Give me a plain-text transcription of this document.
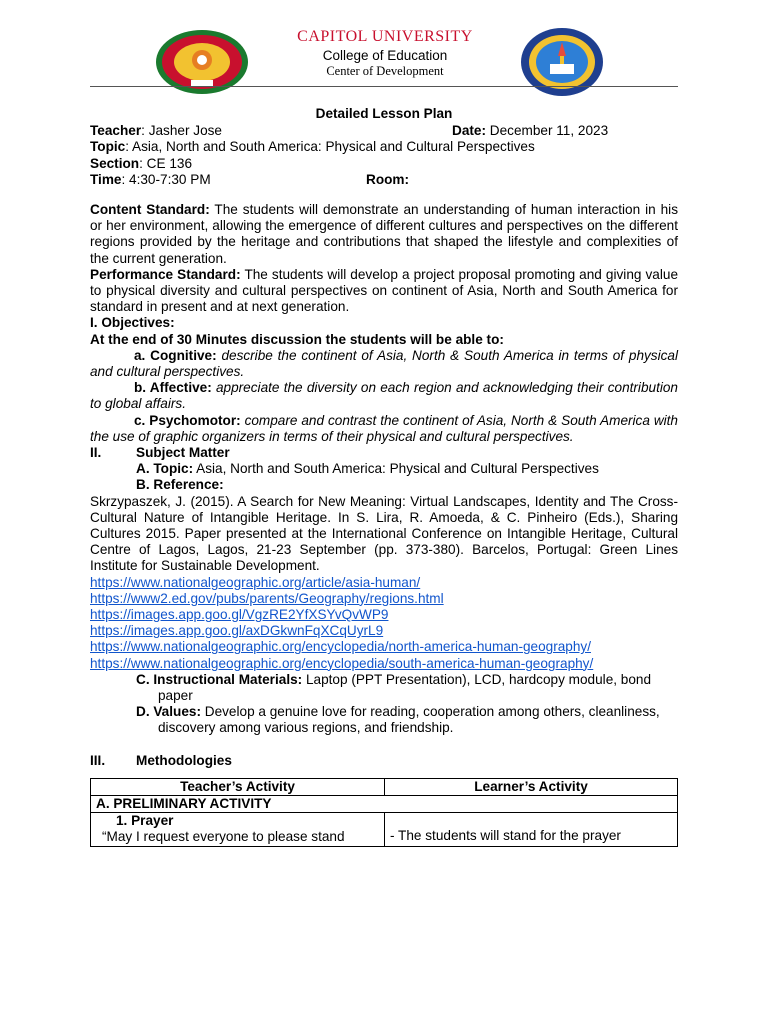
CAPITOL UNIVERSITY
College of Education
Center of Development
Detailed Lesson Plan
Teacher: Jasher Jose	Date: December 11, 2023
Topic: Asia, North and South America: Physical and Cultural Perspectives
Section: CE 136
Time: 4:30-7:30 PM	Room:
Content Standard: The students will demonstrate an understanding of human interaction in his or her environment, allowing the emergence of different cultures and perspectives on the different regions provided by the heritage and contributions that shaped the lifestyle and complexities of the current generation.
Performance Standard: The students will develop a project proposal promoting and giving value to physical diversity and cultural perspectives on continent of Asia, North and South America for standard in present and at next generation.
I. Objectives:
At the end of 30 Minutes discussion the students will be able to:
a. Cognitive: describe the continent of Asia, North & South America in terms of physical and cultural perspectives.
b. Affective: appreciate the diversity on each region and acknowledging their contribution to global affairs.
c. Psychomotor: compare and contrast the continent of Asia, North & South America with the use of graphic organizers in terms of their physical and cultural perspectives.
II.	Subject Matter
A. Topic: Asia, North and South America: Physical and Cultural Perspectives
B. Reference:
Skrzypaszek, J. (2015). A Search for New Meaning: Virtual Landscapes, Identity and The Cross-Cultural Nature of Intangible Heritage. In S. Lira, R. Amoeda, & C. Pinheiro (Eds.), Sharing Cultures 2015. Paper presented at the International Conference on Intangible Heritage, Cultural Centre of Lagos, Lagos, 21-23 September (pp. 373-380). Barcelos, Portugal: Green Lines Institute for Sustainable Development.
https://www.nationalgeographic.org/article/asia-human/
https://www2.ed.gov/pubs/parents/Geography/regions.html
https://images.app.goo.gl/VgzRE2YfXSYvQvWP9
https://images.app.goo.gl/axDGkwnFqXCqUyrL9
https://www.nationalgeographic.org/encyclopedia/north-america-human-geography/
https://www.nationalgeographic.org/encyclopedia/south-america-human-geography/
C. Instructional Materials: Laptop (PPT Presentation), LCD, hardcopy module, bond paper
D. Values: Develop a genuine love for reading, cooperation among others, cleanliness, discovery among various regions, and friendship.
III. Methodologies
Teacher’s Activity	Learner’s Activity
A. PRELIMINARY ACTIVITY	

1. Prayer
“May I request everyone to please stand	- The students will stand for the prayer
